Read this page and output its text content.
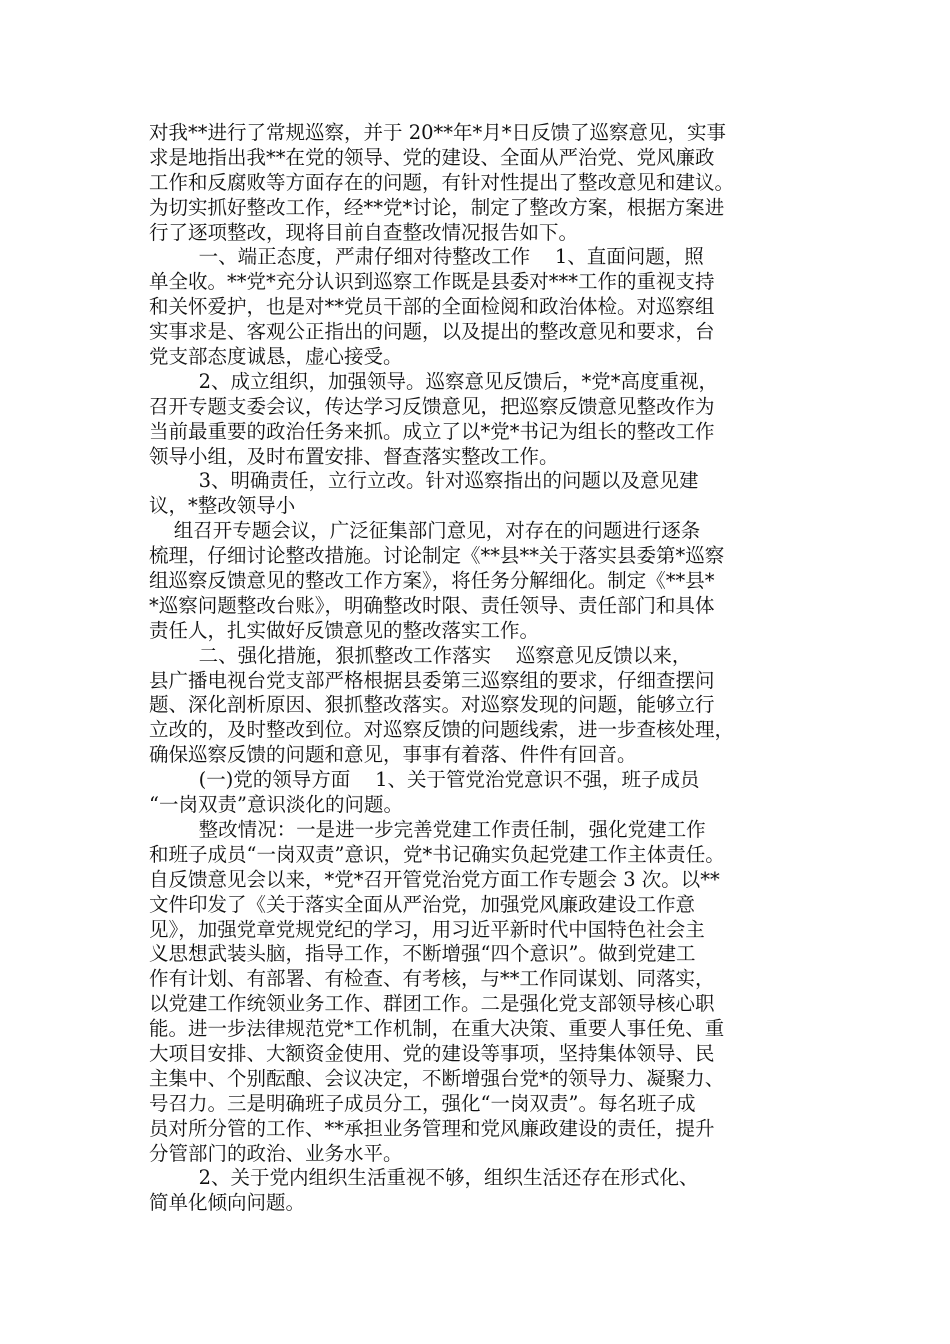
对我**进行了常规巡察，并于 20**年*月*日反馈了巡察意见，实事
求是地指出我**在党的领导、党的建设、全面从严治党、党风廉政
工作和反腐败等方面存在的问题，有针对性提出了整改意见和建议。
为切实抓好整改工作，经**党*讨论，制定了整改方案，根据方案进
行了逐项整改，现将目前自查整改情况报告如下。
一、端正态度，严肃仔细对待整改工作    1、直面问题，照
单全收。**党*充分认识到巡察工作既是县委对***工作的重视支持
和关怀爱护，也是对**党员干部的全面检阅和政治体检。对巡察组
实事求是、客观公正指出的问题，以及提出的整改意见和要求，台
党支部态度诚恳，虚心接受。
2、成立组织，加强领导。巡察意见反馈后，*党*高度重视，
召开专题支委会议，传达学习反馈意见，把巡察反馈意见整改作为
当前最重要的政治任务来抓。成立了以*党*书记为组长的整改工作
领导小组，及时布置安排、督查落实整改工作。
3、明确责任，立行立改。针对巡察指出的问题以及意见建
议，*整改领导小
组召开专题会议，广泛征集部门意见，对存在的问题进行逐条
梳理，仔细讨论整改措施。讨论制定《**县**关于落实县委第*巡察
组巡察反馈意见的整改工作方案》，将任务分解细化。制定《**县*
*巡察问题整改台账》，明确整改时限、责任领导、责任部门和具体
责任人，扎实做好反馈意见的整改落实工作。
二、强化措施，狠抓整改工作落实    巡察意见反馈以来，
县广播电视台党支部严格根据县委第三巡察组的要求，仔细查摆问
题、深化剖析原因、狠抓整改落实。对巡察发现的问题，能够立行
立改的，及时整改到位。对巡察反馈的问题线索，进一步查核处理，
确保巡察反馈的问题和意见，事事有着落、件件有回音。
(一)党的领导方面    1、关于管党治党意识不强，班子成员
“一岗双责”意识淡化的问题。
整改情况：一是进一步完善党建工作责任制，强化党建工作
和班子成员“一岗双责”意识，党*书记确实负起党建工作主体责任。
自反馈意见会以来，*党*召开管党治党方面工作专题会 3 次。以**
文件印发了《关于落实全面从严治党，加强党风廉政建设工作意
见》，加强党章党规党纪的学习，用习近平新时代中国特色社会主
义思想武装头脑，指导工作，不断增强“四个意识”。做到党建工
作有计划、有部署、有检查、有考核，与**工作同谋划、同落实，
以党建工作统领业务工作、群团工作。二是强化党支部领导核心职
能。进一步法律规范党*工作机制，在重大决策、重要人事任免、重
大项目安排、大额资金使用、党的建设等事项，坚持集体领导、民
主集中、个别酝酿、会议决定，不断增强台党*的领导力、凝聚力、
号召力。三是明确班子成员分工，强化“一岗双责”。每名班子成
员对所分管的工作、**承担业务管理和党风廉政建设的责任，提升
分管部门的政治、业务水平。
2、关于党内组织生活重视不够，组织生活还存在形式化、
简单化倾向问题。
